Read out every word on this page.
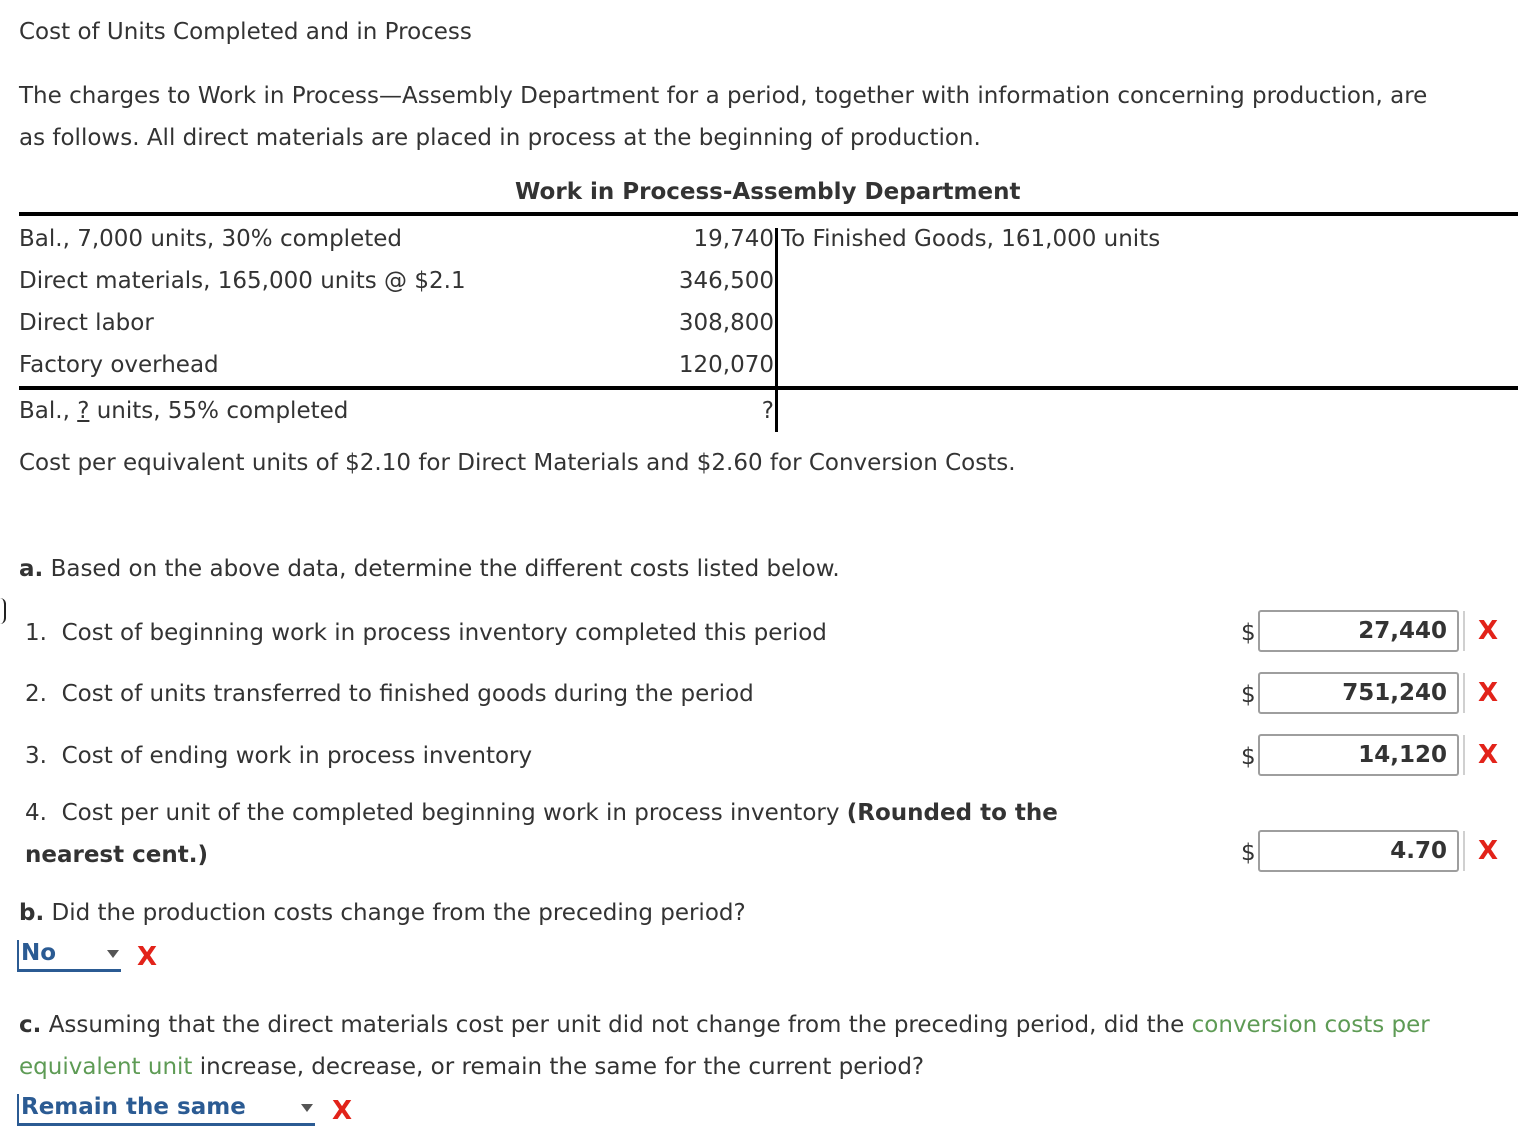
Cost of Units Completed and in Process
The charges to Work in Process—Assembly Department for a period, together with information concerning production, are
as follows. All direct materials are placed in process at the beginning of production.
Work in Process-Assembly Department
Bal., 7,000 units, 30% completed	19,740 To Finished Goods, 161,000 units
Direct materials, 165,000 units @ $2.1	346,500
Direct labor	308,800
Factory overhead	120,070
Bal., ? units, 55% completed	?
Cost per equivalent units of $2.10 for Direct Materials and $2.60 for Conversion Costs.
a. Based on the above data, determine the different costs listed below.
1. Cost of beginning work in process inventory completed this period	$	27,440	X
2. Cost of units transferred to finished goods during the period	$	751,240	X
3. Cost of ending work in process inventory	$	14,120	X
4. Cost per unit of the completed beginning work in process inventory (Rounded to the
nearest cent.)	$	4.70	X
b. Did the production costs change from the preceding period?
No	X
c. Assuming that the direct materials cost per unit did not change from the preceding period, did the conversion costs per
equivalent unit increase, decrease, or remain the same for the current period?
Remain the same	X
